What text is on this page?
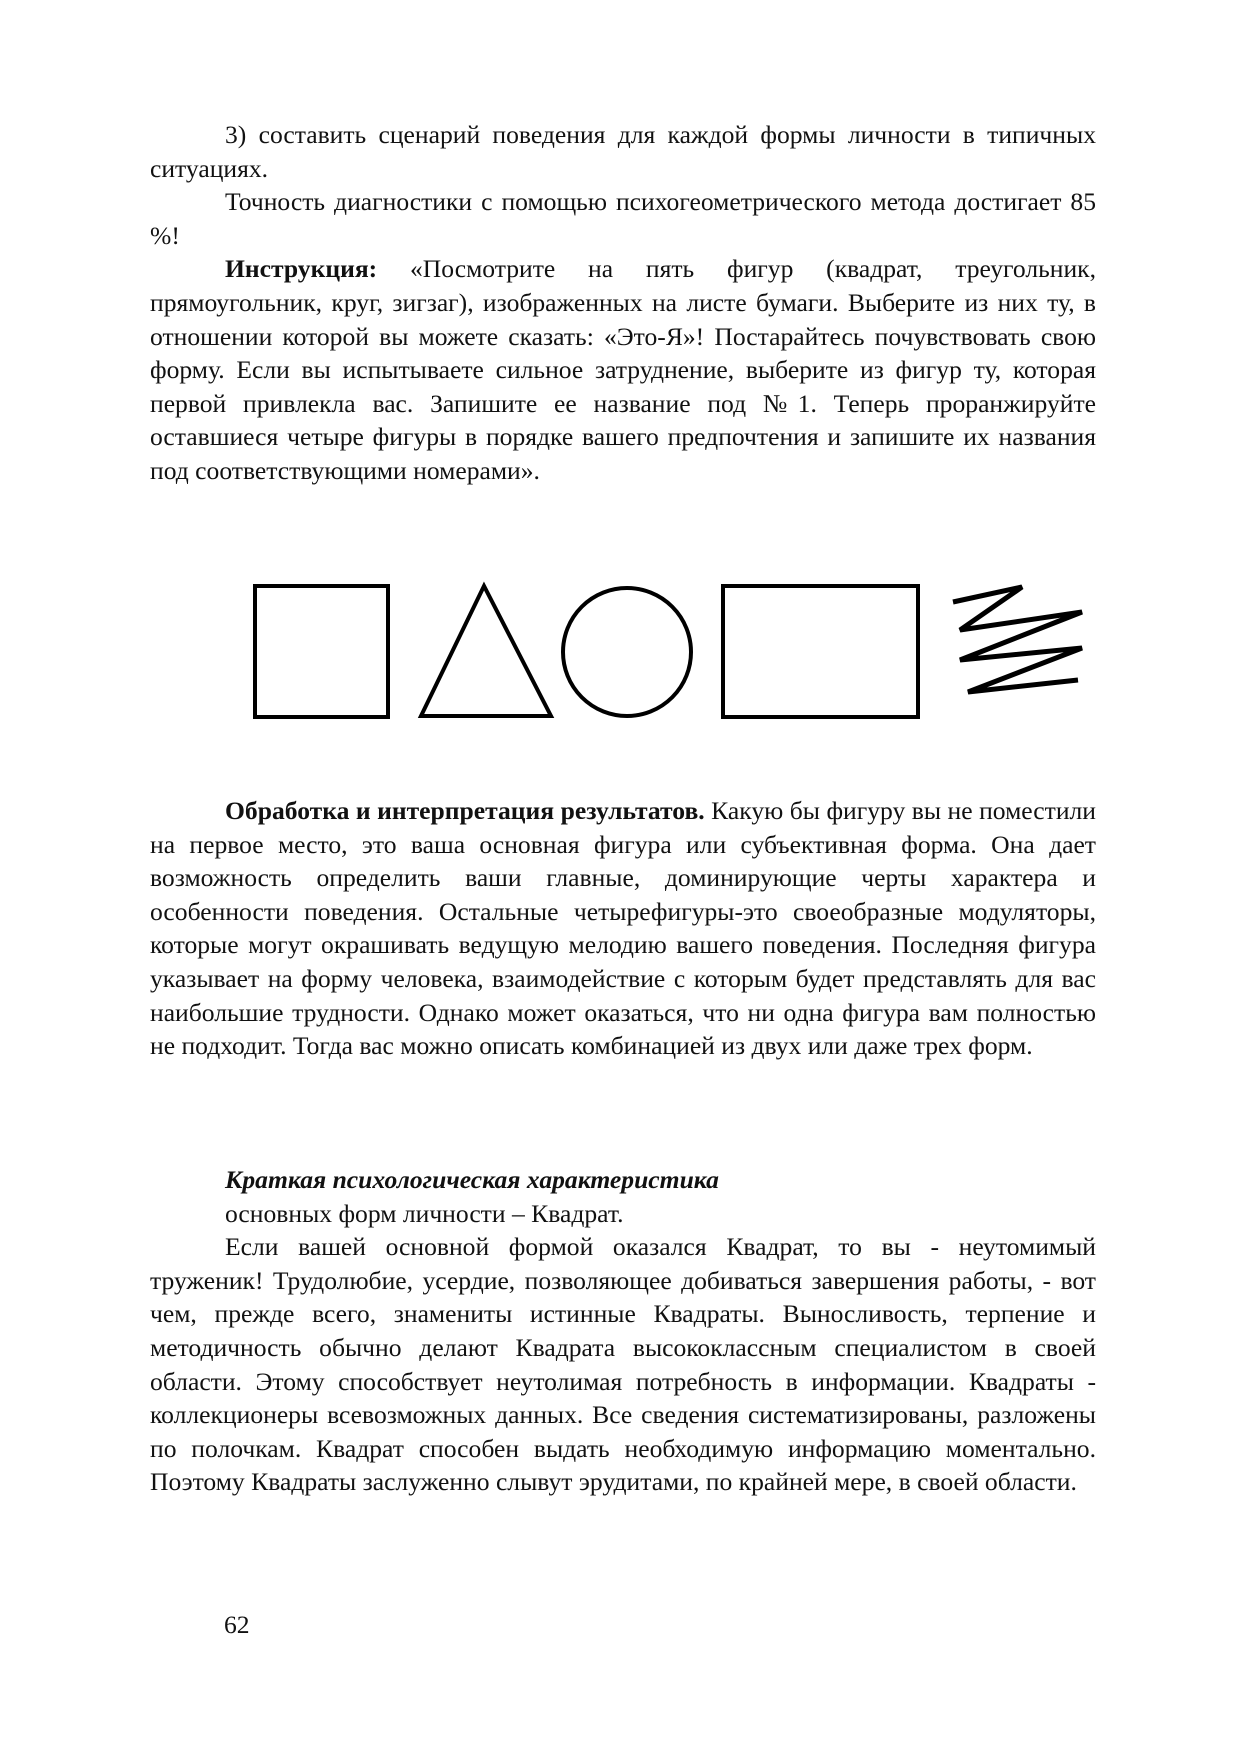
3) составить сценарий поведения для каждой формы личности в типичных ситуациях.

Точность диагностики с помощью психогеометрического метода достигает 85 %!

Инструкция: «Посмотрите на пять фигур (квадрат, треугольник, прямоугольник, круг, зигзаг), изображенных на листе бумаги. Выберите из них ту, в отношении которой вы можете сказать: «Это-Я»! Постарайтесь почувствовать свою форму. Если вы испытываете сильное затруднение, выберите из фигур ту, которая первой привлекла вас. Запишите ее название под №1. Теперь проранжируйте оставшиеся четыре фигуры в порядке вашего предпочтения и запишите их названия под соответствующими номерами».

Обработка и интерпретация результатов. Какую бы фигуру вы не поместили на первое место, это ваша основная фигура или субъективная форма. Она дает возможность определить ваши главные, доминирующие черты характера и особенности поведения. Остальные четырефигуры-это своеобразные модуляторы, которые могут окрашивать ведущую мелодию вашего поведения. Последняя фигура указывает на форму человека, взаимодействие с которым будет представлять для вас наибольшие трудности. Однако может оказаться, что ни одна фигура вам полностью не подходит. Тогда вас можно описать комбинацией из двух или даже трех форм.

Краткая психологическая характеристика

основных форм личности – Квадрат.

Если вашей основной формой оказался Квадрат, то вы - неутомимый труженик! Трудолюбие, усердие, позволяющее добиваться завершения работы, - вот чем, прежде всего, знамениты истинные Квадраты. Выносливость, терпение и методичность обычно делают Квадрата высококлассным специалистом в своей области. Этому способствует неутолимая потребность в информации. Квадраты - коллекционеры всевозможных данных. Все сведения систематизированы, разложены по полочкам. Квадрат способен выдать необходимую информацию моментально. Поэтому Квадраты заслуженно слывут эрудитами, по крайней мере, в своей области.

62
